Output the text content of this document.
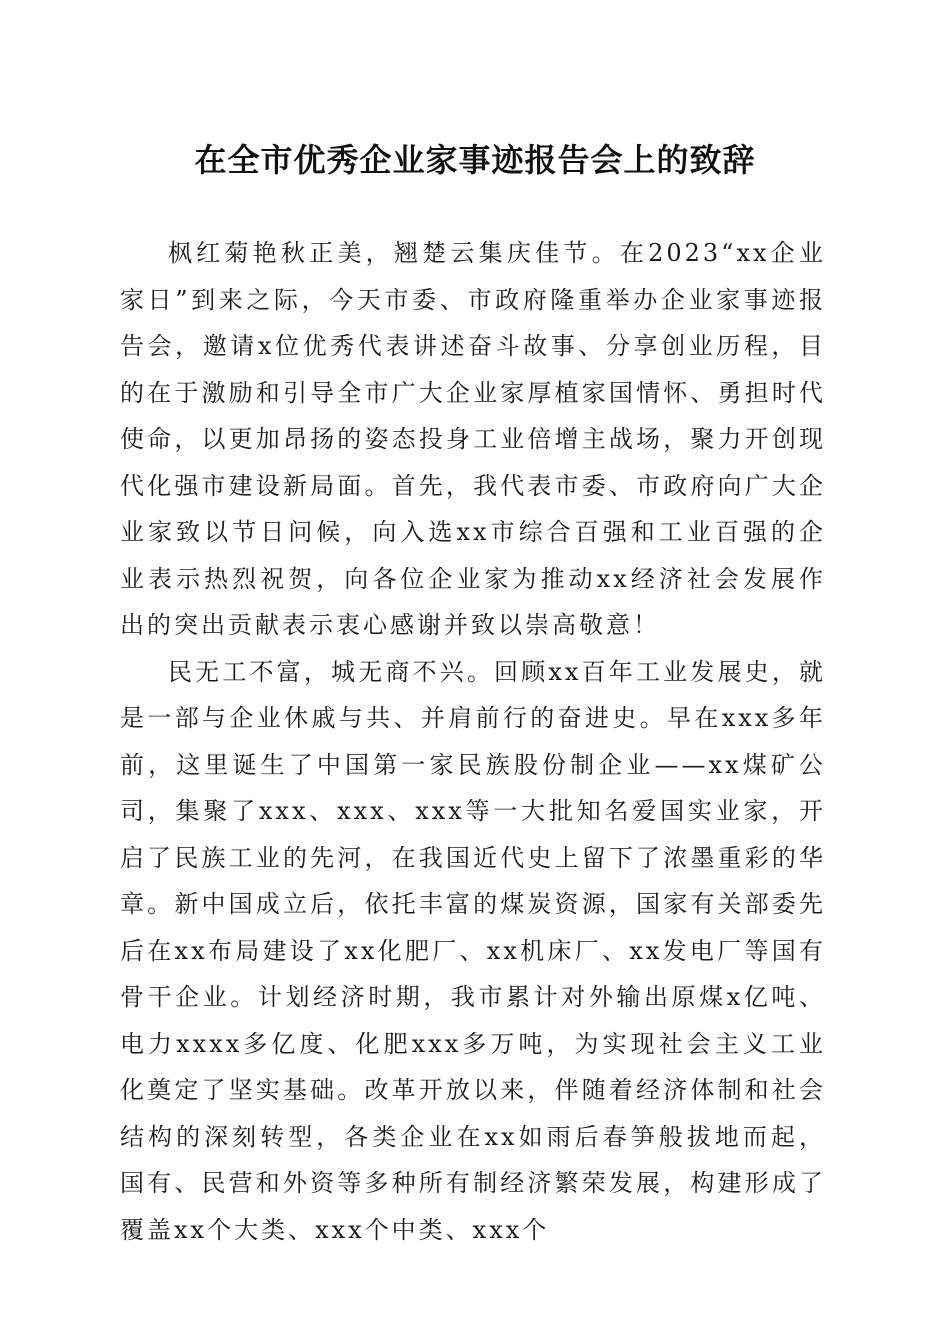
在全市优秀企业家事迹报告会上的致辞

枫红菊艳秋正美，翘楚云集庆佳节。在2023“xx企业家日”到来之际，今天市委、市政府隆重举办企业家事迹报告会，邀请x位优秀代表讲述奋斗故事、分享创业历程，目的在于激励和引导全市广大企业家厚植家国情怀、勇担时代使命，以更加昂扬的姿态投身工业倍增主战场，聚力开创现代化强市建设新局面。首先，我代表市委、市政府向广大企业家致以节日问候，向入选xx市综合百强和工业百强的企业表示热烈祝贺，向各位企业家为推动xx经济社会发展作出的突出贡献表示衷心感谢并致以崇高敬意！

民无工不富，城无商不兴。回顾xx百年工业发展史，就是一部与企业休戚与共、并肩前行的奋进史。早在xxx多年前，这里诞生了中国第一家民族股份制企业——xx煤矿公司，集聚了xxx、xxx、xxx等一大批知名爱国实业家，开启了民族工业的先河，在我国近代史上留下了浓墨重彩的华章。新中国成立后，依托丰富的煤炭资源，国家有关部委先后在xx布局建设了xx化肥厂、xx机床厂、xx发电厂等国有骨干企业。计划经济时期，我市累计对外输出原煤x亿吨、电力xxxx多亿度、化肥xxx多万吨，为实现社会主义工业化奠定了坚实基础。改革开放以来，伴随着经济体制和社会结构的深刻转型，各类企业在xx如雨后春笋般拔地而起，国有、民营和外资等多种所有制经济繁荣发展，构建形成了覆盖xx个大类、xxx个中类、xxx个
